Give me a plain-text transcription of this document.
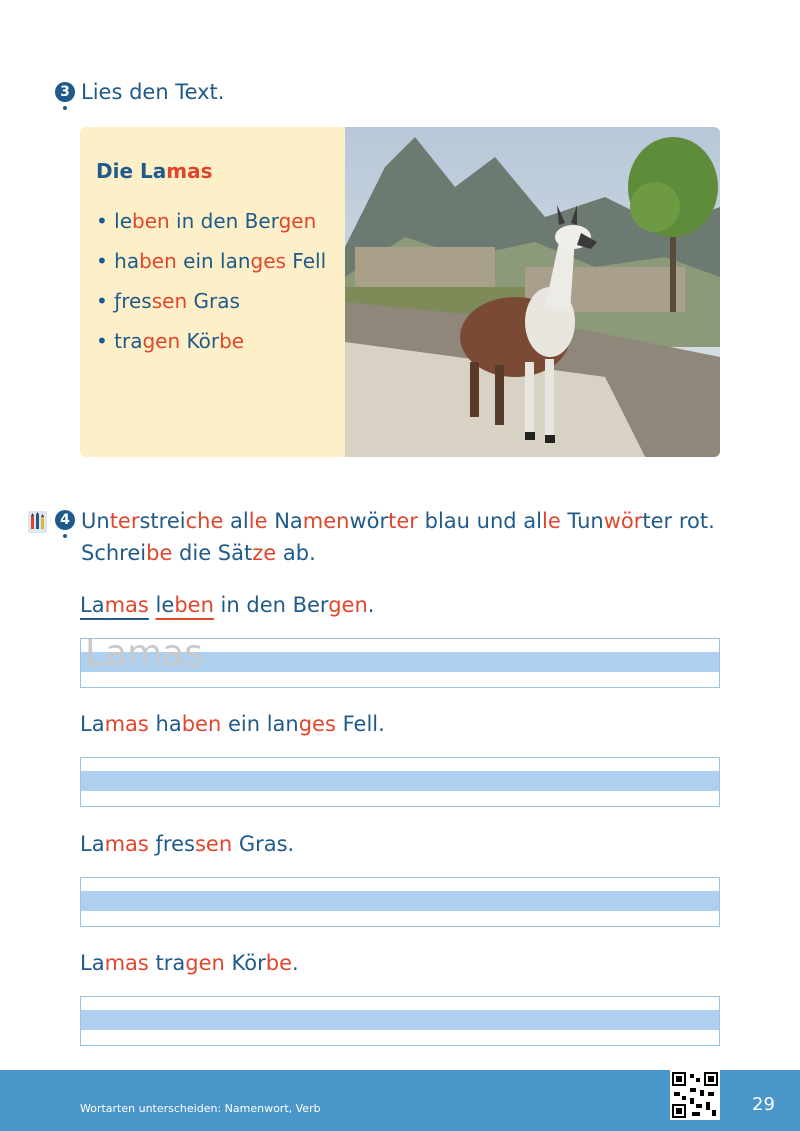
3 Lies den Text.
Die Lamas
• leben in den Bergen
• haben ein langes Fell
• ƒressen Gras
• tragen Körbe
4 Unterstreiche alle Namenwörter blau und alle Tunwörter rot.
Schreibe die Sätze ab.
Lamas leben in den Bergen.
Lamas
Lamas haben ein langes Fell.
Lamas ƒressen Gras.
Lamas tragen Körbe.
Wortarten unterscheiden: Namenwort, Verb	29
